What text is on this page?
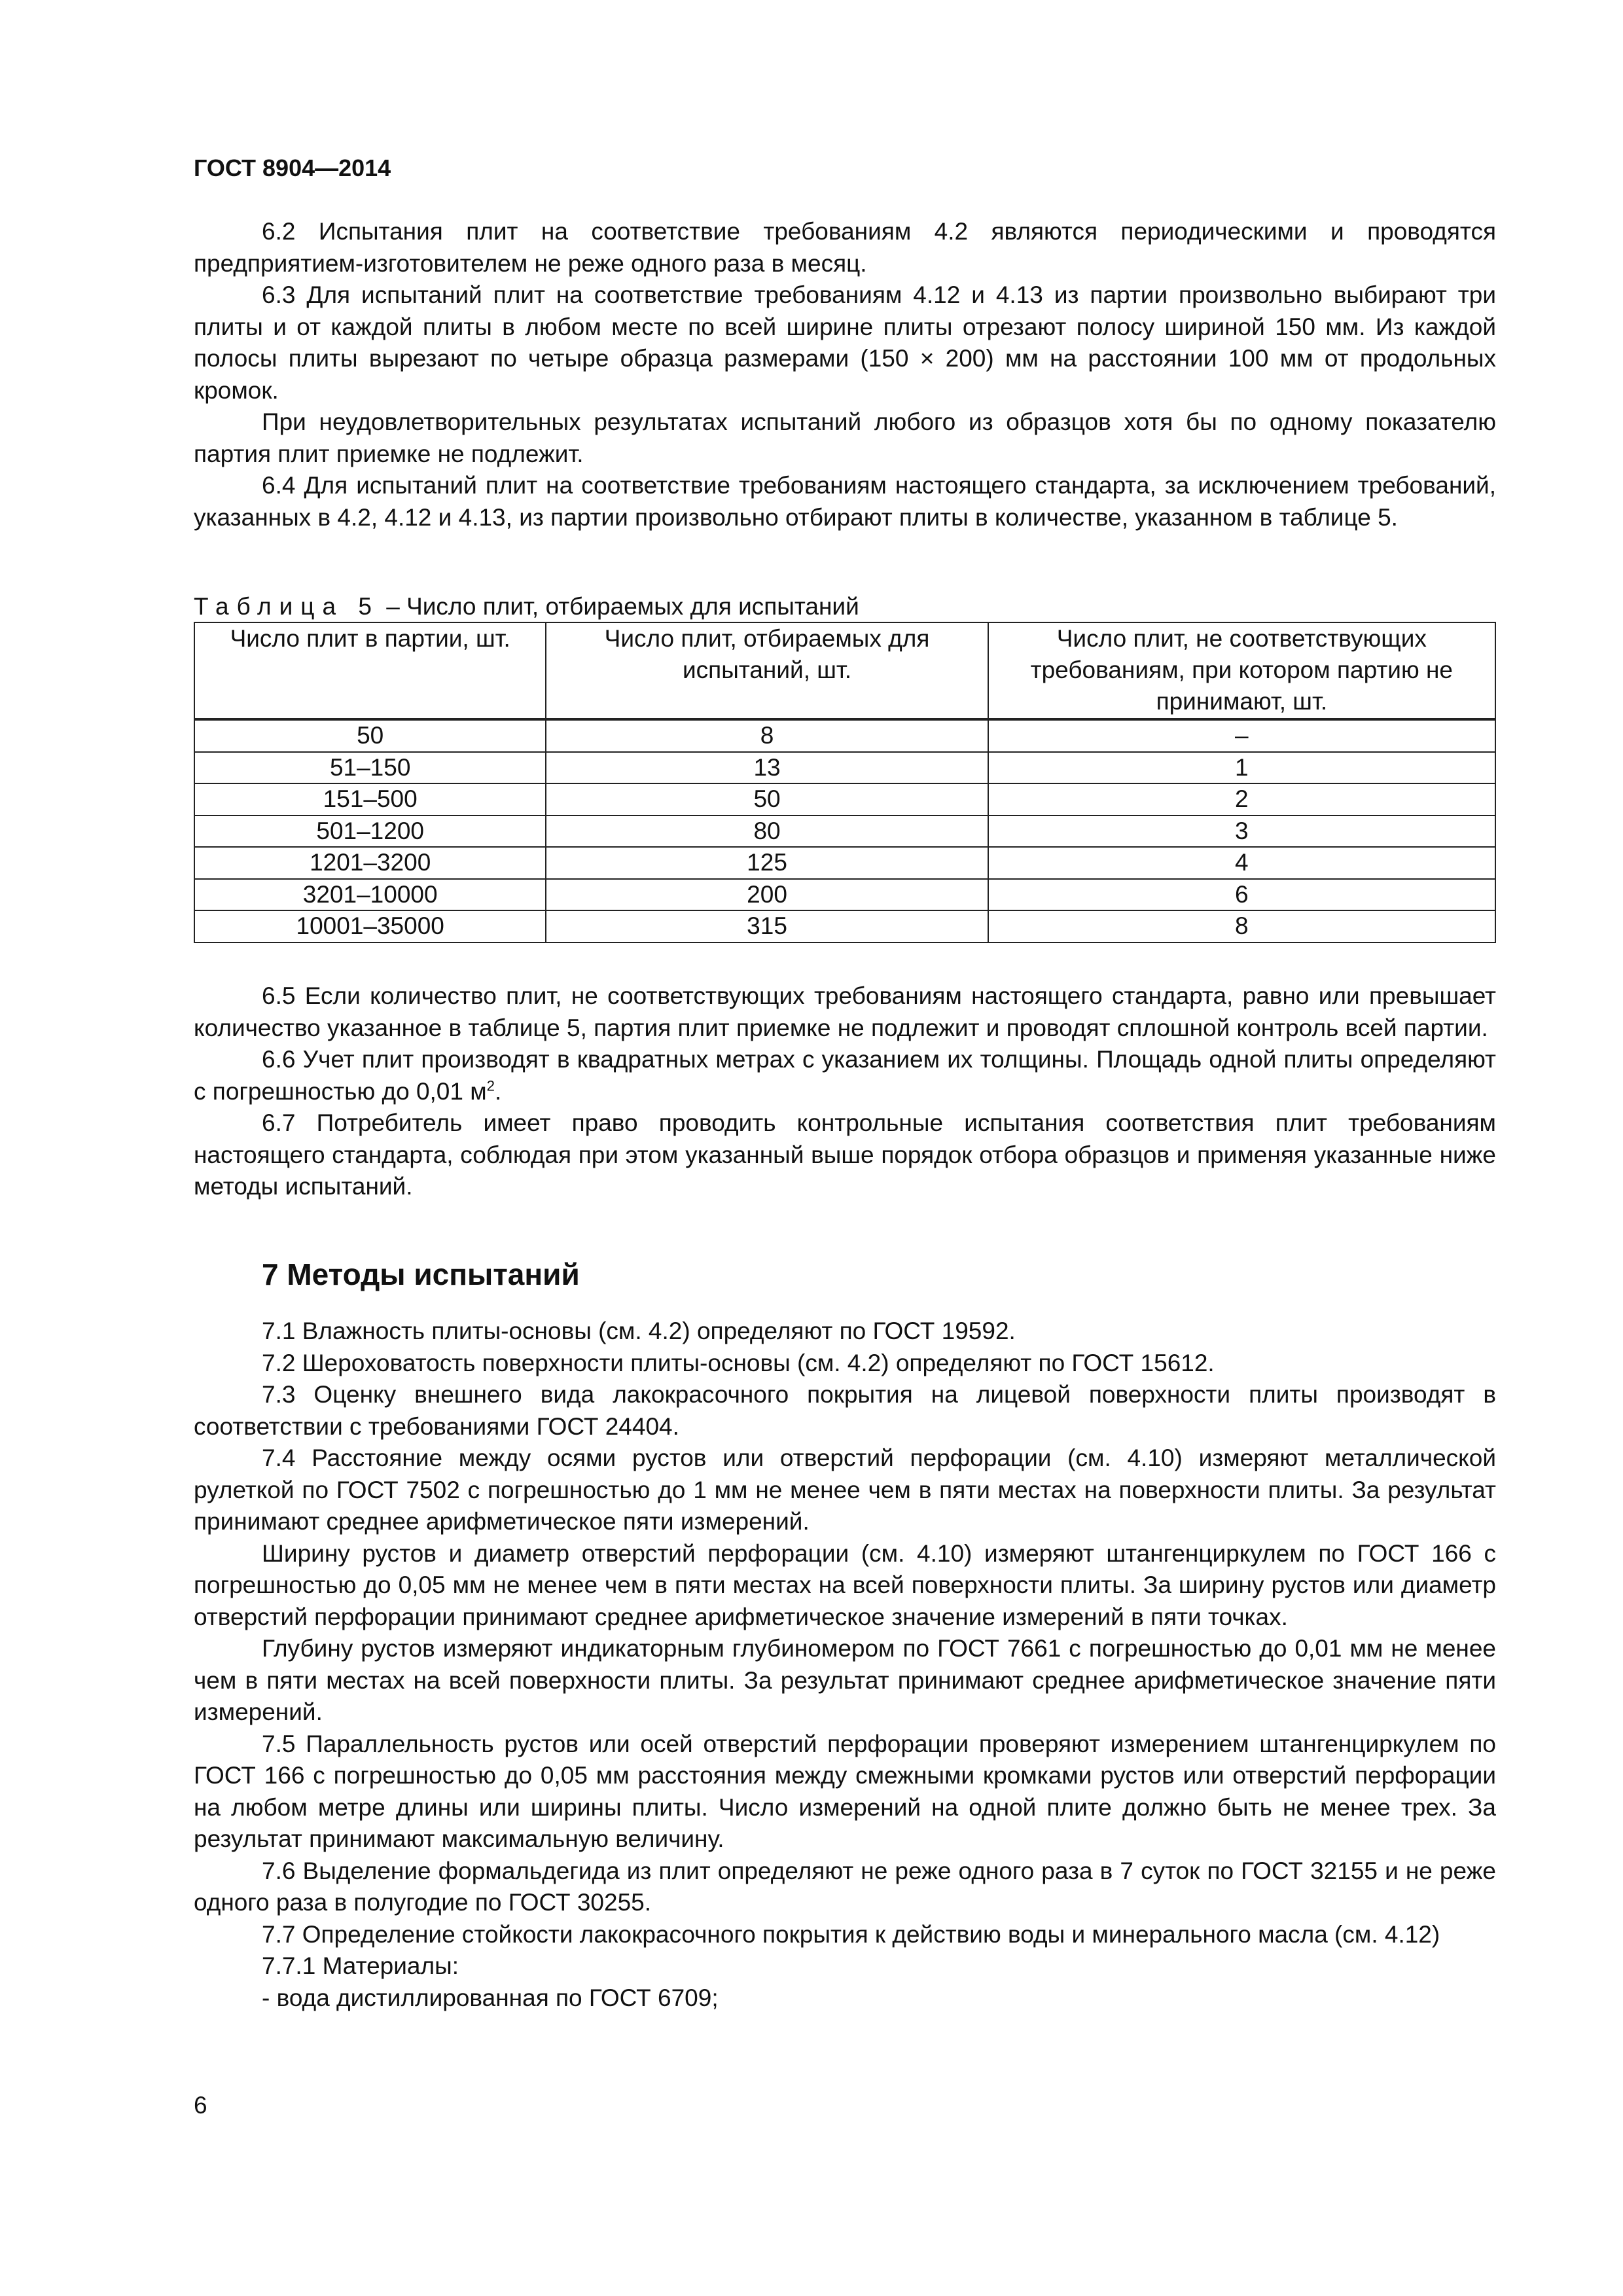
ГОСТ 8904—2014

6.2 Испытания плит на соответствие требованиям 4.2 являются периодическими и проводятся предприятием-изготовителем не реже одного раза в месяц.

6.3 Для испытаний плит на соответствие требованиям 4.12 и 4.13 из партии произвольно выбирают три плиты и от каждой плиты в любом месте по всей ширине плиты отрезают полосу шириной 150 мм. Из каждой полосы плиты вырезают по четыре образца размерами (150 × 200) мм на расстоянии 100 мм от продольных кромок.

При неудовлетворительных результатах испытаний любого из образцов хотя бы по одному показателю партия плит приемке не подлежит.

6.4 Для испытаний плит на соответствие требованиям настоящего стандарта, за исключением требований, указанных в 4.2, 4.12 и 4.13, из партии произвольно отбирают плиты в количестве, указанном в таблице 5.

Таблица 5 – Число плит, отбираемых для испытаний
Число плит в партии, шт.	Число плит, отбираемых для испытаний, шт.	Число плит, не соответствующих требованиям, при котором партию не принимают, шт.
50	8	–
51–150	13	1
151–500	50	2
501–1200	80	3
1201–3200	125	4
3201–10000	200	6
10001–35000	315	8

6.5 Если количество плит, не соответствующих требованиям настоящего стандарта, равно или превышает количество указанное в таблице 5, партия плит приемке не подлежит и проводят сплошной контроль всей партии.

6.6 Учет плит производят в квадратных метрах с указанием их толщины. Площадь одной плиты определяют с погрешностью до 0,01 $м^2$.

6.7 Потребитель имеет право проводить контрольные испытания соответствия плит требованиям настоящего стандарта, соблюдая при этом указанный выше порядок отбора образцов и применяя указанные ниже методы испытаний.

7 Методы испытаний

7.1 Влажность плиты-основы (см. 4.2) определяют по ГОСТ 19592.

7.2 Шероховатость поверхности плиты-основы (см. 4.2) определяют по ГОСТ 15612.

7.3 Оценку внешнего вида лакокрасочного покрытия на лицевой поверхности плиты производят в соответствии с требованиями ГОСТ 24404.

7.4 Расстояние между осями рустов или отверстий перфорации (см. 4.10) измеряют металлической рулеткой по ГОСТ 7502 с погрешностью до 1 мм не менее чем в пяти местах на поверхности плиты. За результат принимают среднее арифметическое пяти измерений.

Ширину рустов и диаметр отверстий перфорации (см. 4.10) измеряют штангенциркулем по ГОСТ 166 с погрешностью до 0,05 мм не менее чем в пяти местах на всей поверхности плиты. За ширину рустов или диаметр отверстий перфорации принимают среднее арифметическое значение измерений в пяти точках.

Глубину рустов измеряют индикаторным глубиномером по ГОСТ 7661 с погрешностью до 0,01 мм не менее чем в пяти местах на всей поверхности плиты. За результат принимают среднее арифметическое значение пяти измерений.

7.5 Параллельность рустов или осей отверстий перфорации проверяют измерением штангенциркулем по ГОСТ 166 с погрешностью до 0,05 мм расстояния между смежными кромками рустов или отверстий перфорации на любом метре длины или ширины плиты. Число измерений на одной плите должно быть не менее трех. За результат принимают максимальную величину.

7.6 Выделение формальдегида из плит определяют не реже одного раза в 7 суток по ГОСТ 32155 и не реже одного раза в полугодие по ГОСТ 30255.

7.7 Определение стойкости лакокрасочного покрытия к действию воды и минерального масла (см. 4.12)

7.7.1 Материалы:

- вода дистиллированная по ГОСТ 6709;

6
